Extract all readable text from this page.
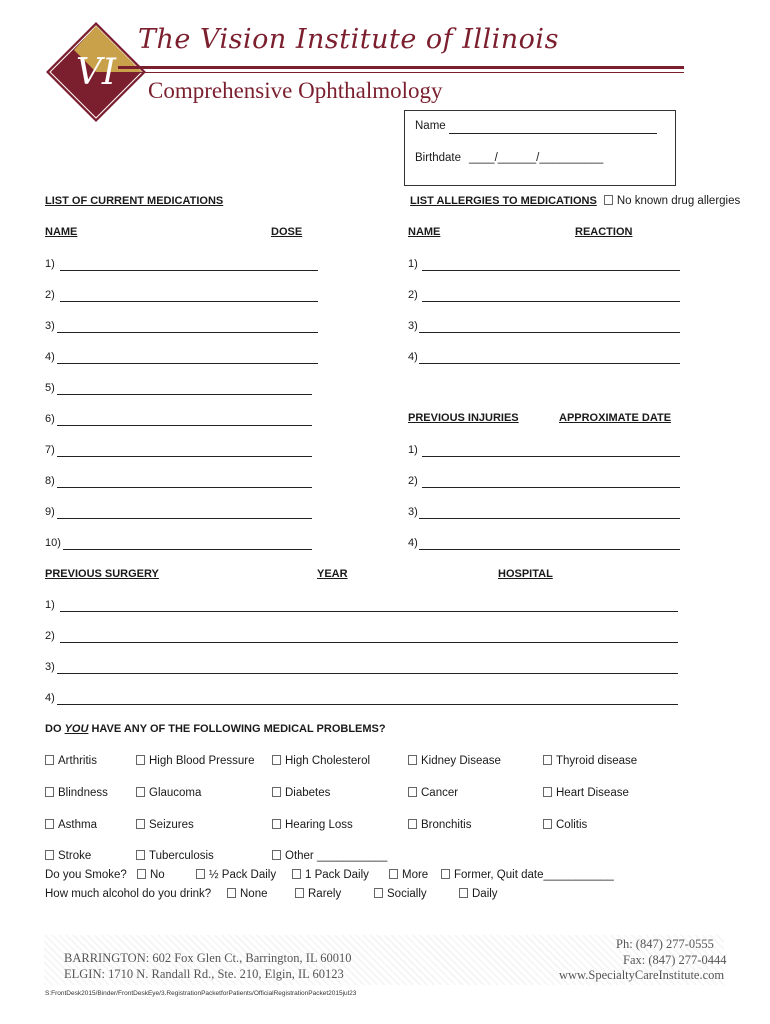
VI
The Vision Institute of Illinois
Comprehensive Ophthalmology
Name
Birthdate ____/______/__________
LIST OF CURRENT MEDICATIONS
NAME	DOSE
LIST ALLERGIES TO MEDICATIONS No known drug allergies
NAME	REACTION
1)
2)
3)
4)
5)
6)
7)
8)
9)
10)
1)
2)
3)
4)
PREVIOUS INJURIES	APPROXIMATE DATE
1)
2)
3)
4)
PREVIOUS SURGERY	YEAR	HOSPITAL
1)
2)
3)
4)
DO YOU HAVE ANY OF THE FOLLOWING MEDICAL PROBLEMS?
Arthritis	High Blood Pressure	High Cholesterol	Kidney Disease	Thyroid disease
Blindness	Glaucoma	Diabetes	Cancer	Heart Disease
Asthma	Seizures	Hearing Loss	Bronchitis	Colitis
Stroke	Tuberculosis	Other ___________
Do you Smoke?	No	½ Pack Daily	1 Pack Daily	More	Former, Quit date___________
How much alcohol do you drink?	None	Rarely	Socially	Daily
BARRINGTON: 602 Fox Glen Ct., Barrington, IL 60010
ELGIN: 1710 N. Randall Rd., Ste. 210, Elgin, IL 60123
Ph: (847) 277-0555
Fax: (847) 277-0444
www.SpecialtyCareInstitute.com
S:FrontDesk2015/Binder/FrontDeskEye/3.RegistrationPacketforPatients/OfficialRegistrationPacket2015jul23
